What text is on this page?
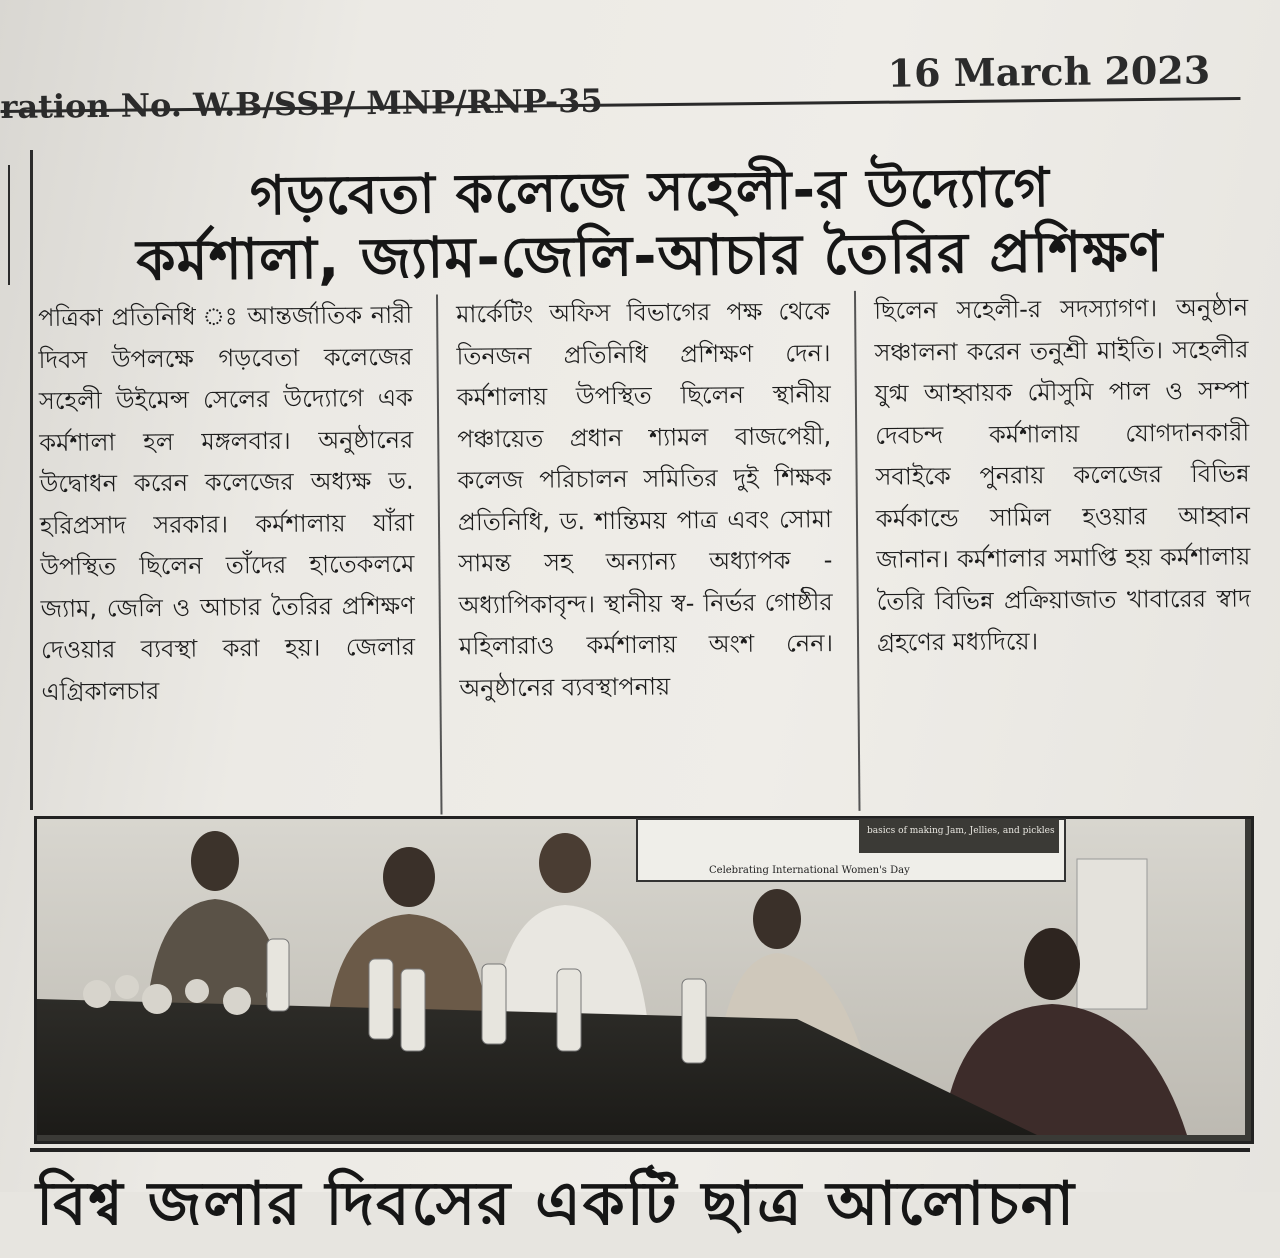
ration No. W.B/SSP/ MNP/RNP-35
16 March 2023
গড়বেতা কলেজে সহেলী-র উদ্যোগে
কর্মশালা, জ্যাম-জেলি-আচার তৈরির প্রশিক্ষণ
পত্রিকা প্রতিনিধি ঃ আন্তর্জাতিক নারী দিবস উপলক্ষে গড়বেতা কলেজের সহেলী উইমেন্স সেলের উদ্যোগে এক কর্মশালা হল মঙ্গলবার। অনুষ্ঠানের উদ্বোধন করেন কলেজের অধ্যক্ষ ড. হরিপ্রসাদ সরকার। কর্মশালায় যাঁরা উপস্থিত ছিলেন তাঁদের হাতেকলমে জ্যাম, জেলি ও আচার তৈরির প্রশিক্ষণ দেওয়ার ব্যবস্থা করা হয়। জেলার এগ্রিকালচার
মার্কেটিং অফিস বিভাগের পক্ষ থেকে তিনজন প্রতিনিধি প্রশিক্ষণ দেন। কর্মশালায় উপস্থিত ছিলেন স্থানীয় পঞ্চায়েত প্রধান শ্যামল বাজপেয়ী, কলেজ পরিচালন সমিতির দুই শিক্ষক প্রতিনিধি, ড. শান্তিময় পাত্র এবং সোমা সামন্ত সহ অন্যান্য অধ্যাপক - অধ্যাপিকাবৃন্দ। স্থানীয় স্ব- নির্ভর গোষ্ঠীর মহিলারাও কর্মশালায় অংশ নেন। অনুষ্ঠানের ব্যবস্থাপনায়
ছিলেন সহেলী-র সদস্যাগণ। অনুষ্ঠান সঞ্চালনা করেন তনুশ্রী মাইতি। সহেলীর যুগ্ম আহ্বায়ক মৌসুমি পাল ও সম্পা দেবচন্দ কর্মশালায় যোগদানকারী সবাইকে পুনরায় কলেজের বিভিন্ন কর্মকান্ডে সামিল হওয়ার আহ্বান জানান। কর্মশালার সমাপ্তি হয় কর্মশালায় তৈরি বিভিন্ন প্রক্রিয়াজাত খাবারের স্বাদ গ্রহণের মধ্যদিয়ে।
basics of making Jam, Jellies, and pickles
Celebrating International Women's Day
বিশ্ব জলার দিবসের একটি ছাত্র আলোচনা
